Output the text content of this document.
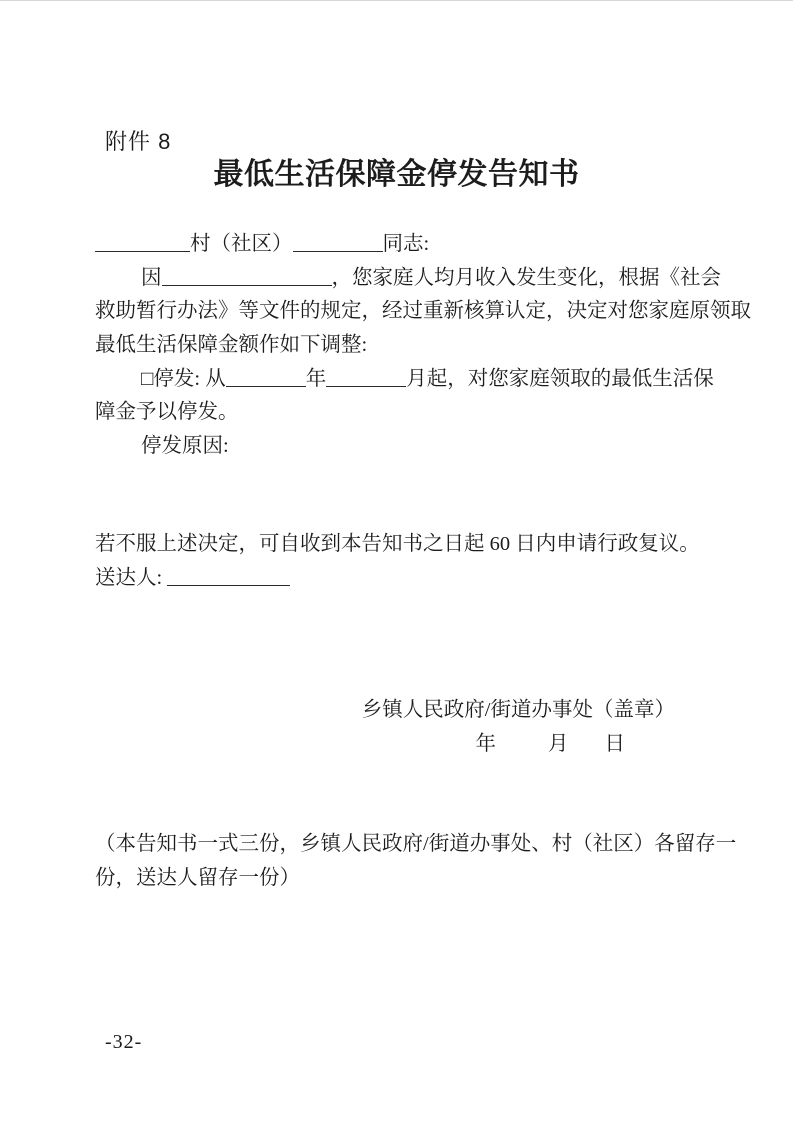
附件 8
最低生活保障金停发告知书
村（社区）	同志:
因	，您家庭人均月收入发生变化，根据《社会
救助暂行办法》等文件的规定，经过重新核算认定，决定对您家庭原领取
最低生活保障金额作如下调整:
□停发: 从	年	月起，对您家庭领取的最低生活保
障金予以停发。
停发原因:
若不服上述决定，可自收到本告知书之日起 60 日内申请行政复议。
送达人:
乡镇人民政府/街道办事处（盖章）
年	月 日
（本告知书一式三份，乡镇人民政府/街道办事处、村（社区）各留存一
份，送达人留存一份）
-32-
